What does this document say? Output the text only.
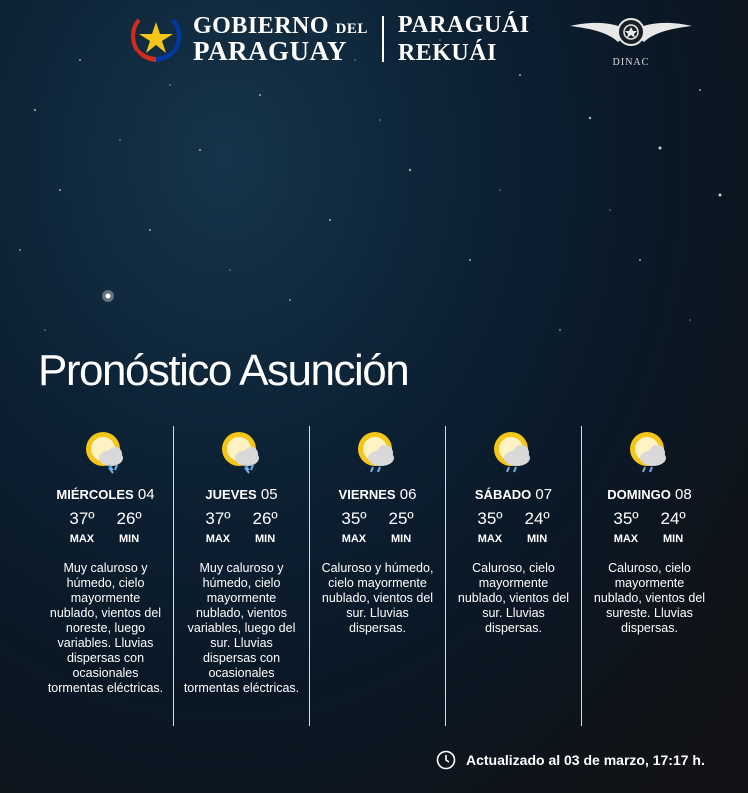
GOBIERNO DEL
PARAGUAY
PARAGUÁI
REKUÁI	DINAC
Pronóstico Asunción
MIÉRCOLES 04
37º
MAX
26º
MIN
Muy caluroso y húmedo, cielo mayormente nublado, vientos del noreste, luego variables. Lluvias dispersas con ocasionales tormentas eléctricas.
JUEVES 05
37º
MAX
26º
MIN
Muy caluroso y húmedo, cielo mayormente nublado, vientos variables, luego del sur. Lluvias dispersas con ocasionales tormentas eléctricas.
VIERNES 06
35º
MAX
25º
MIN
Caluroso y húmedo, cielo mayormente nublado, vientos del sur. Lluvias dispersas.
SÁBADO 07
35º
MAX
24º
MIN
Caluroso, cielo mayormente nublado, vientos del sur. Lluvias dispersas.
DOMINGO 08
35º
MAX
24º
MIN
Caluroso, cielo mayormente nublado, vientos del sureste. Lluvias dispersas.
Actualizado al 03 de marzo, 17:17 h.
